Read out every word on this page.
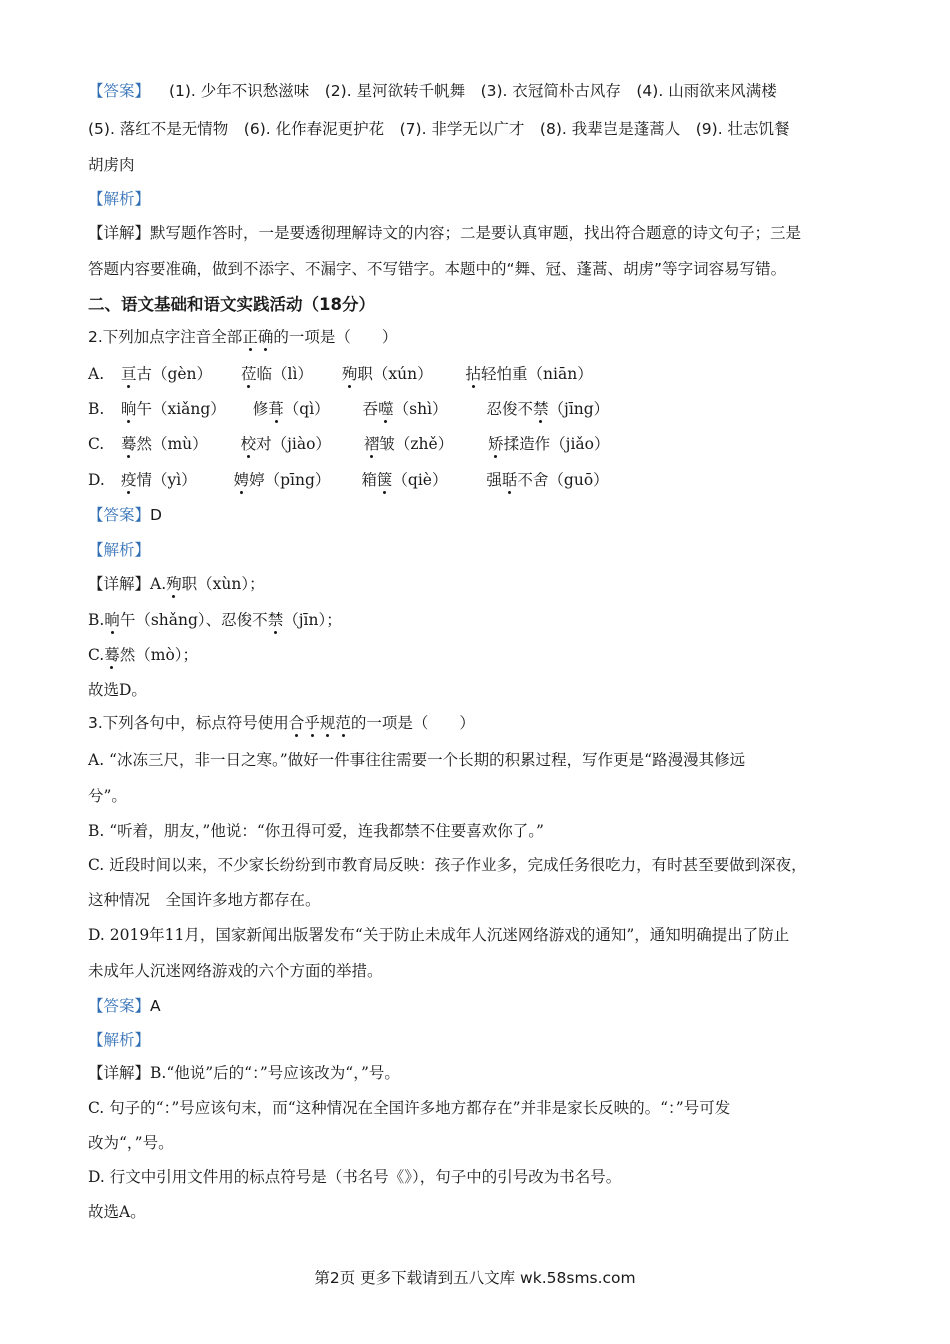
【答案】 (1). 少年不识愁滋味　(2). 星河欲转千帆舞　(3). 衣冠简朴古风存　(4). 山雨欲来风满楼
(5). 落红不是无情物　(6). 化作春泥更护花　(7). 非学无以广才　(8). 我辈岂是蓬蒿人　(9). 壮志饥餐
胡虏肉
【解析】
【详解】默写题作答时，一是要透彻理解诗文的内容；二是要认真审题，找出符合题意的诗文句子；三是
答题内容要准确，做到不添字、不漏字、不写错字。本题中的“舞、冠、蓬蒿、胡虏”等字词容易写错。
二、语文基础和语文实践活动（18分）
2.下列加点字注音全部正确的一项是（　　）
A. 亘古（gèn） 莅临（lì） 殉职（xún） 拈轻怕重（niān）
B. 晌午（xiǎng） 修葺（qì） 吞噬（shì）	忍俊不禁（jīng）
C. 蓦然（mù） 校对（jiào） 褶皱（zhě） 矫揉造作（jiǎo）
D. 疫情（yì） 娉婷（pīng） 箱箧（qiè）	强聒不舍（guō）
【答案】D
【解析】
【详解】A.殉职（xùn）；
B.晌午（shǎng）、忍俊不禁（jīn）；
C.蓦然（mò）；
故选D。
3.下列各句中，标点符号使用合乎规范的一项是（　　）
A. “冰冻三尺，非一日之寒。”做好一件事往往需要一个长期的积累过程，写作更是“路漫漫其修远
兮”。
B. “听着，朋友，”他说：“你丑得可爱，连我都禁不住要喜欢你了。”
C. 近段时间以来，不少家长纷纷到市教育局反映：孩子作业多，完成任务很吃力，有时甚至要做到深夜，
这种情况　全国许多地方都存在。
D. 2019年11月，国家新闻出版署发布“关于防止未成年人沉迷网络游戏的通知”，通知明确提出了防止
未成年人沉迷网络游戏的六个方面的举措。
【答案】A
【解析】
【详解】B.“他说”后的“：”号应该改为“，”号。
C. 句子的“：”号应该句末，而“这种情况在全国许多地方都存在”并非是家长反映的。“：”号可发
改为“，”号。
D. 行文中引用文件用的标点符号是（书名号《》），句子中的引号改为书名号。
故选A。
第2页 更多下载请到五八文库 wk.58sms.com
